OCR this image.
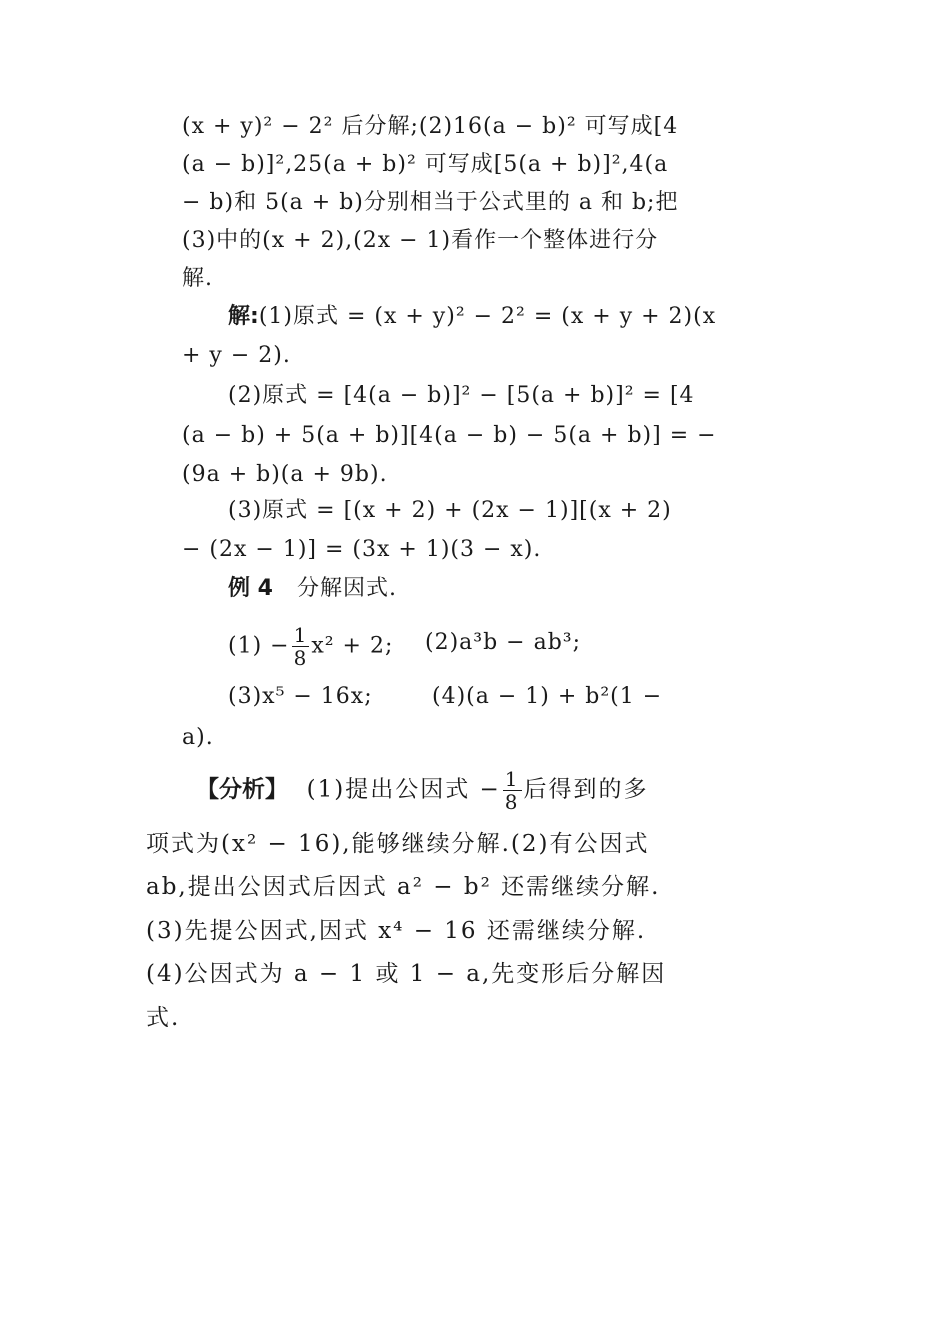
(x + y)² − 2² 后分解;(2)16(a − b)² 可写成[4
(a − b)]²,25(a + b)² 可写成[5(a + b)]²,4(a
− b)和 5(a + b)分别相当于公式里的 a 和 b;把
(3)中的(x + 2),(2x − 1)看作一个整体进行分
解.
解:(1)原式 = (x + y)² − 2² = (x + y + 2)(x
+ y − 2).
(2)原式 = [4(a − b)]² − [5(a + b)]² = [4
(a − b) + 5(a + b)][4(a − b) − 5(a + b)] = −
(9a + b)(a + 9b).
(3)原式 = [(x + 2) + (2x − 1)][(x + 2)
− (2x − 1)] = (3x + 1)(3 − x).
例 4 分解因式.
$(1) - \frac{1}{8} x^2 + 2$; (2)a³b − ab³;
(3)x⁵ − 16x;	(4)(a − 1) + b²(1 −
a).
【分析】 (1)提出公因式 − $\frac{1}{8}$ 后得到的多
项式为(x² − 16),能够继续分解.(2)有公因式
ab,提出公因式后因式 a² − b² 还需继续分解.
(3)先提公因式,因式 x⁴ − 16 还需继续分解.
(4)公因式为 a − 1 或 1 − a,先变形后分解因
式.
